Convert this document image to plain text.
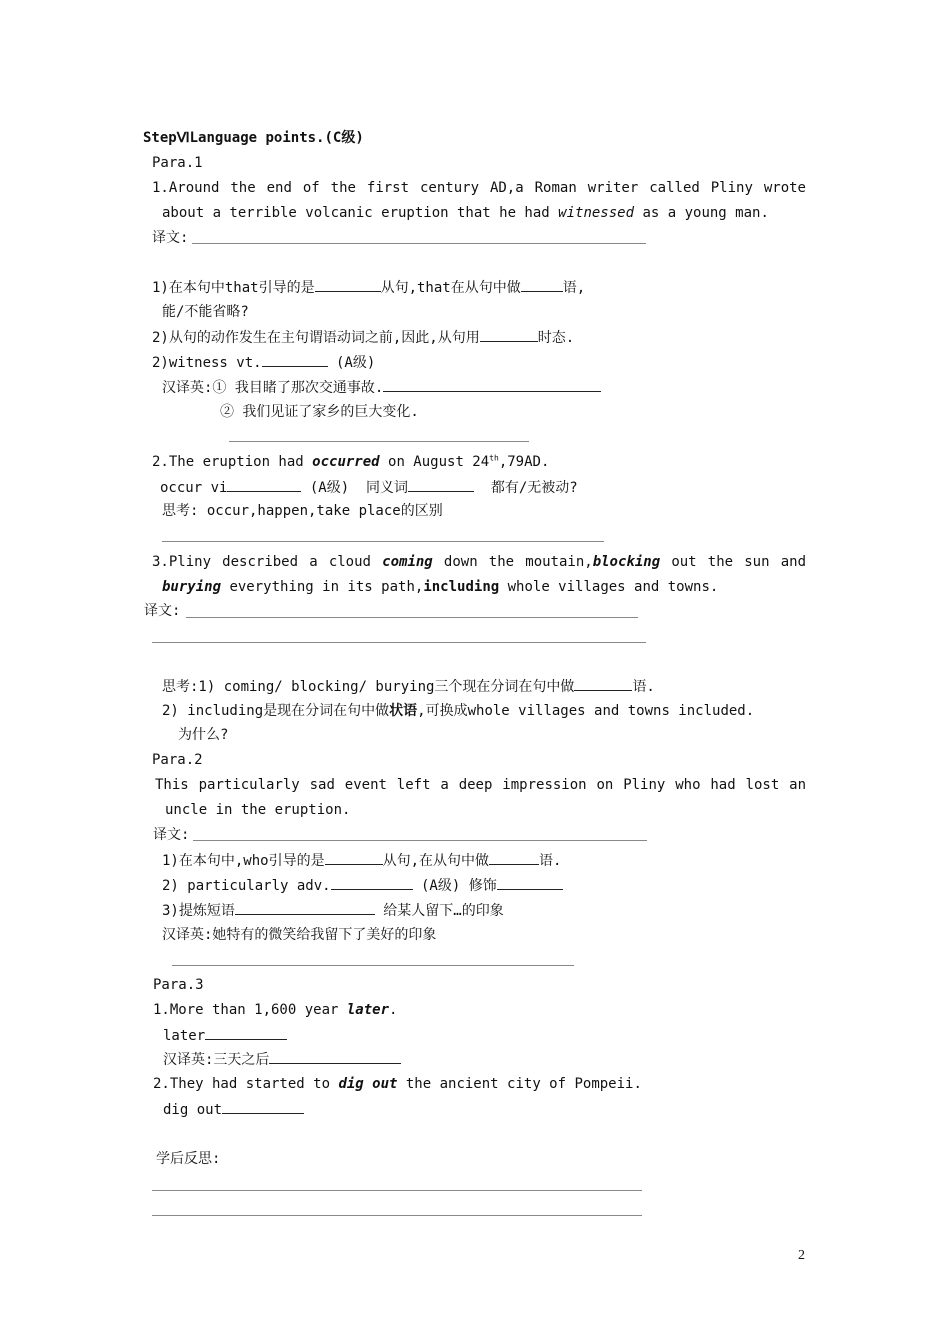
StepⅥLanguage points.(C级)
Para.1
1.Around the end of the first century AD,a Roman writer called Pliny wrote
about a terrible volcanic eruption that he had witnessed as a young man.
译文:
1)在本句中that引导的是	从句,that在从句中做	语,
能/不能省略?
2)从句的动作发生在主句谓语动词之前,因此,从句用	时态.
2)witness vt.	(A级)
汉译英:① 我目睹了那次交通事故.
② 我们见证了家乡的巨大变化.
2.The eruption had occurred on August 24th,79AD.
occur vi	(A级)  同义词	都有/无被动?
思考: occur,happen,take place的区别
3.Pliny described a cloud coming down the moutain,blocking out the sun and
burying everything in its path,including whole villages and towns.
译文:
思考:1) coming/ blocking/ burying三个现在分词在句中做	语.
2) including是现在分词在句中做状语,可换成whole villages and towns included.
为什么?
Para.2
This particularly sad event left a deep impression on Pliny who had lost an
uncle in the eruption.
译文:
1)在本句中,who引导的是	从句,在从句中做	语.
2) particularly adv.	(A级) 修饰
3)提炼短语	给某人留下…的印象
汉译英:她特有的微笑给我留下了美好的印象
Para.3
1.More than 1,600 year later.
later
汉译英:三天之后
2.They had started to dig out the ancient city of Pompeii.
dig out
学后反思:
2
